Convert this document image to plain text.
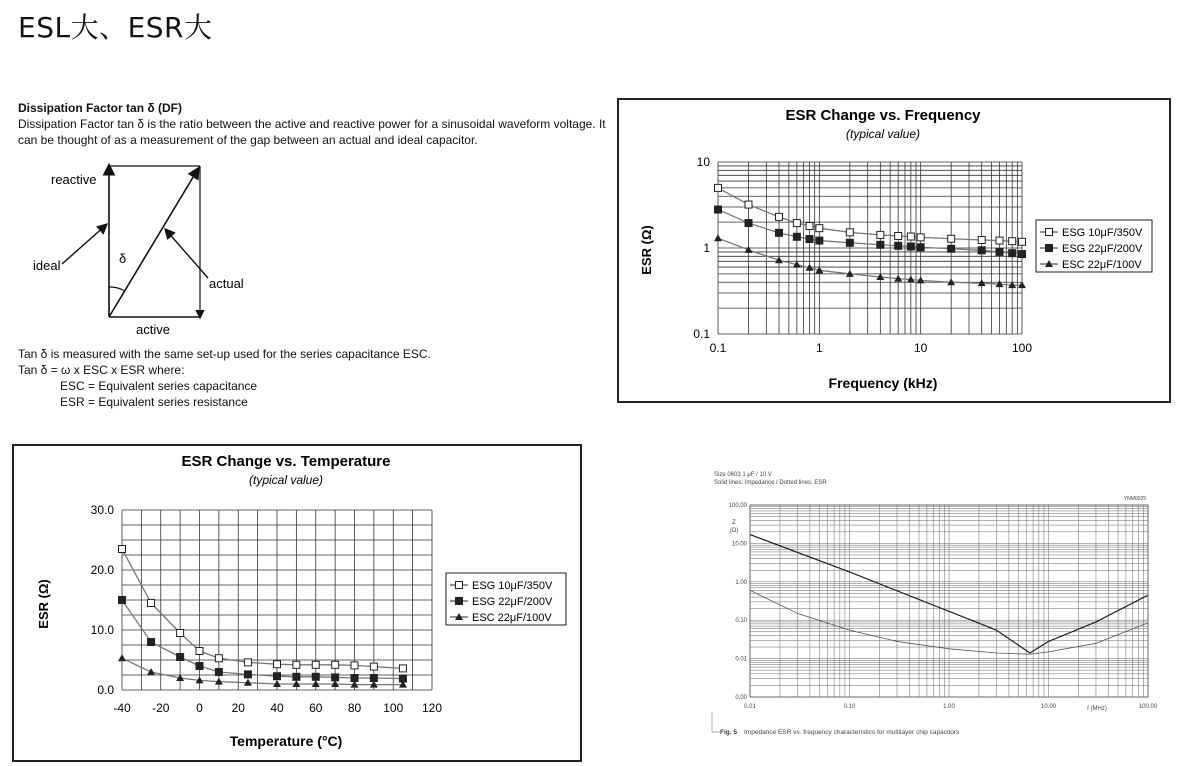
ESL大、ESR大
Dissipation Factor tan δ (DF)
Dissipation Factor tan δ is the ratio between the active and reactive power for a sinusoidal waveform voltage. It can be thought of as a measurement of the gap between an actual and ideal capacitor.
reactive
ideal	δ
actual
active
Tan δ is measured with the same set-up used for the series capacitance ESC.
Tan δ = ω x ESC x ESR where:
ESC = Equivalent series capacitance
ESR = Equivalent series resistance
ESR Change vs. Frequency
(typical value)
Frequency (kHz)
ESR (Ω)
0.1	1	10	100
0.1
1
10
ESG 10μF/350V
ESG 22μF/200V
ESC 22μF/100V
ESR Change vs. Temperature
(typical value)
Temperature (°C)
ESR (Ω)
-40 -20 0 20 40 60 80 100 120
0.0
10.0
20.0
30.0
ESG 10μF/350V
ESG 22μF/200V
ESC 22μF/100V
Size 0603 1 μF / 10 V
Solid lines: Impedance / Dotted lines: ESR
YNM0025
Z
(Ω)
f (MHz)
Fig. 5 Impedance ESR vs. frequency characteristics for multilayer chip capacitors
0.01	0.10	1.00	10.00	100.00
0.00
0.01
0.10
1.00
10.00
100.00
